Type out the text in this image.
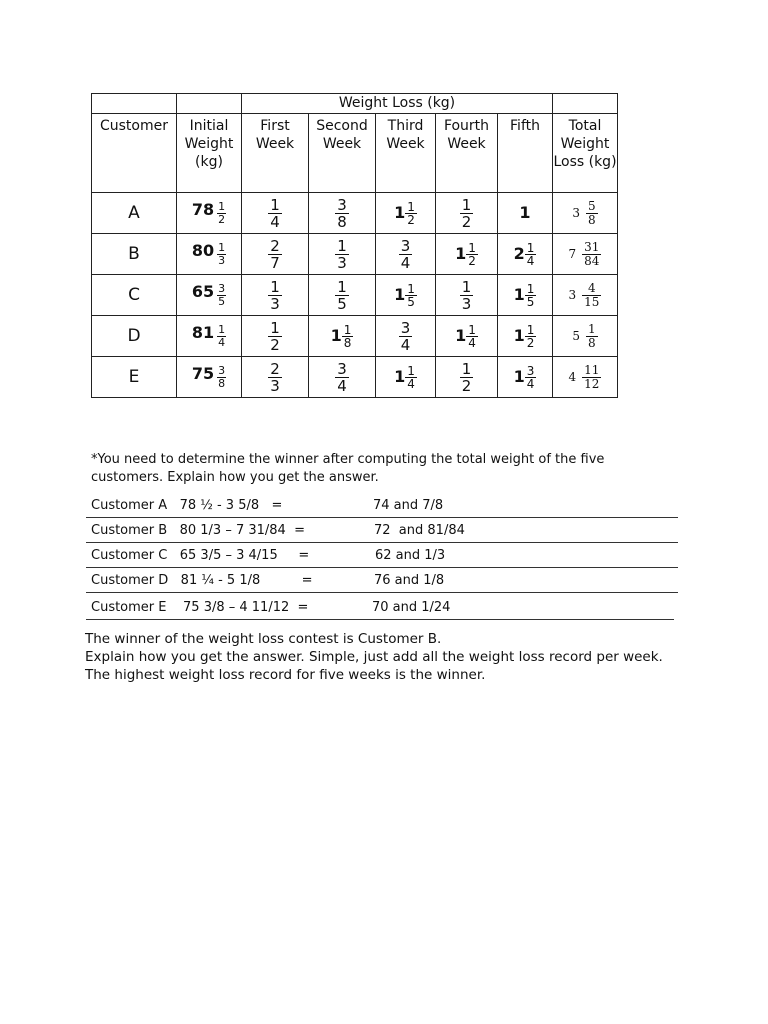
		Weight Loss (kg)					

Customer	Initial Weight (kg)	First Week	Second Week	Third Week	Fourth Week	Fifth	Total Weight Loss (kg)

A	$78 \frac{1}{2}$	$\frac{1}{4}$	$\frac{3}{8}$	$1 \frac{1}{2}$	$\frac{1}{2}$	1	$3 \frac{5}{8}$

B	$80 \frac{1}{3}$	$\frac{2}{7}$	$\frac{1}{3}$	$\frac{3}{4}$	$1 \frac{1}{2}$	$2 \frac{1}{4}$	$7 \frac{31}{84}$

C	$65 \frac{3}{5}$	$\frac{1}{3}$	$\frac{1}{5}$	$1 \frac{1}{5}$	$\frac{1}{3}$	$1 \frac{1}{5}$	$3 \frac{4}{15}$

D	$81 \frac{1}{4}$	$\frac{1}{2}$	$1 \frac{1}{8}$	$\frac{3}{4}$	$1 \frac{1}{4}$	$1 \frac{1}{2}$	$5 \frac{1}{8}$

E	$75 \frac{3}{8}$	$\frac{2}{3}$	$\frac{3}{4}$	$1 \frac{1}{4}$	$\frac{1}{2}$	$1 \frac{3}{4}$	$4 \frac{11}{12}$
*You need to determine the winner after computing the total weight of the five customers. Explain how you get the answer.
Customer A   78 ½ - 3 5/8   =	74 and 7/8
Customer B   80 1/3 – 7 31/84  =	72  and 81/84
Customer C   65 3/5 – 3 4/15     =	62 and 1/3
Customer D   81 ¼ - 5 1/8          =	76 and 1/8
Customer E    75 3/8 – 4 11/12  =	70 and 1/24
The winner of the weight loss contest is Customer B.
Explain how you get the answer. Simple, just add all the weight loss record per week.
The highest weight loss record for five weeks is the winner.
